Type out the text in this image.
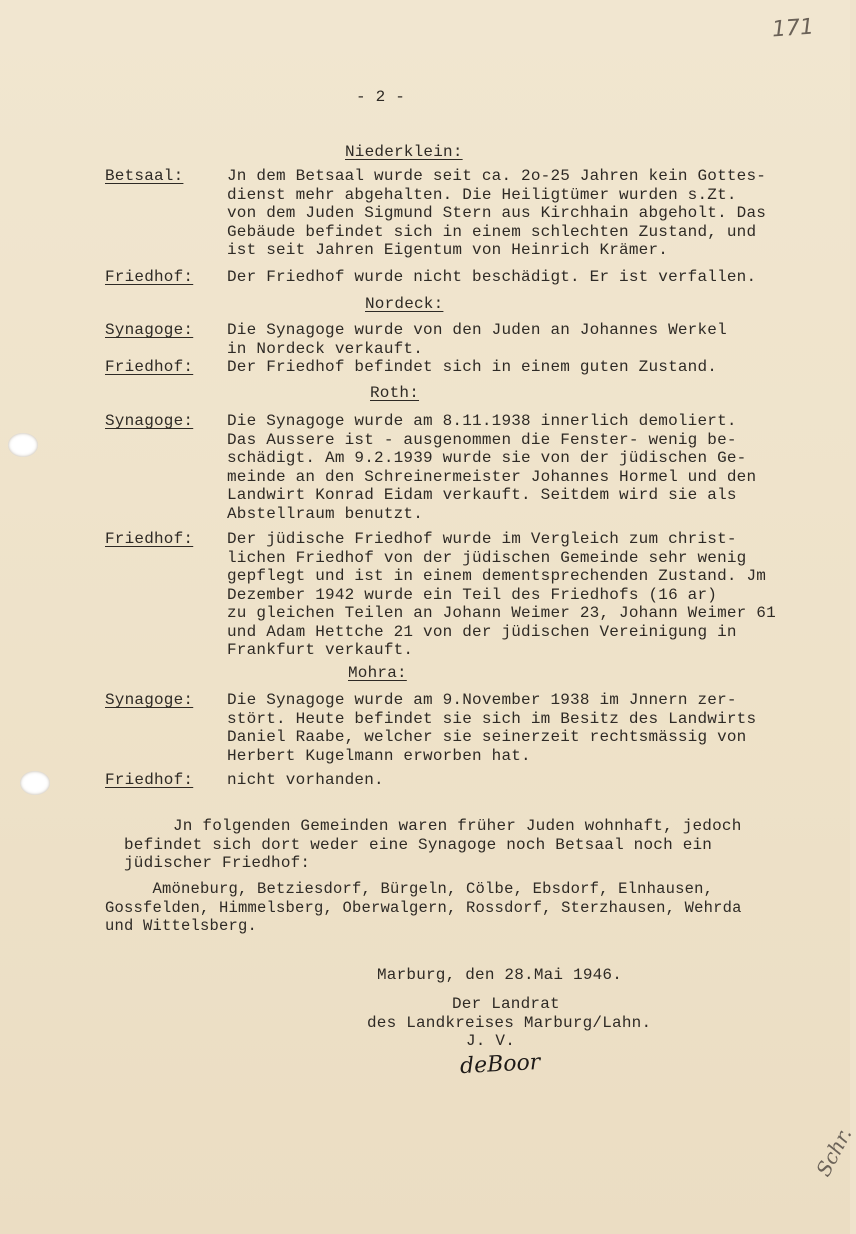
171
- 2 -
Niederklein:
Betsaal:	Jn dem Betsaal wurde seit ca. 2o-25 Jahren kein Gottes-
dienst mehr abgehalten. Die Heiligtümer wurden s.Zt.
von dem Juden Sigmund Stern aus Kirchhain abgeholt. Das
Gebäude befindet sich in einem schlechten Zustand, und
ist seit Jahren Eigentum von Heinrich Krämer.
Friedhof: Der Friedhof wurde nicht beschädigt. Er ist verfallen.
Nordeck:
Synagoge: Die Synagoge wurde von den Juden an Johannes Werkel
in Nordeck verkauft.
Friedhof: Der Friedhof befindet sich in einem guten Zustand.
Roth:
Synagoge: Die Synagoge wurde am 8.11.1938 innerlich demoliert.
Das Aussere ist - ausgenommen die Fenster- wenig be-
schädigt. Am 9.2.1939 wurde sie von der jüdischen Ge-
meinde an den Schreinermeister Johannes Hormel und den
Landwirt Konrad Eidam verkauft. Seitdem wird sie als
Abstellraum benutzt.
Friedhof: Der jüdische Friedhof wurde im Vergleich zum christ-
lichen Friedhof von der jüdischen Gemeinde sehr wenig
gepflegt und ist in einem dementsprechenden Zustand. Jm
Dezember 1942 wurde ein Teil des Friedhofs (16 ar)
zu gleichen Teilen an Johann Weimer 23, Johann Weimer 61
und Adam Hettche 21 von der jüdischen Vereinigung in
Frankfurt verkauft.
Mohra:
Synagoge: Die Synagoge wurde am 9.November 1938 im Jnnern zer-
stört. Heute befindet sie sich im Besitz des Landwirts
Daniel Raabe, welcher sie seinerzeit rechtsmässig von
Herbert Kugelmann erworben hat.
Friedhof: nicht vorhanden.
Jn folgenden Gemeinden waren früher Juden wohnhaft, jedoch
befindet sich dort weder eine Synagoge noch Betsaal noch ein
jüdischer Friedhof:
Amöneburg, Betziesdorf, Bürgeln, Cölbe, Ebsdorf, Elnhausen,
Gossfelden, Himmelsberg, Oberwalgern, Rossdorf, Sterzhausen, Wehrda
und Wittelsberg.
Marburg, den 28.Mai 1946.
Der Landrat
des Landkreises Marburg/Lahn.
J. V.
deBoor
Schr.
